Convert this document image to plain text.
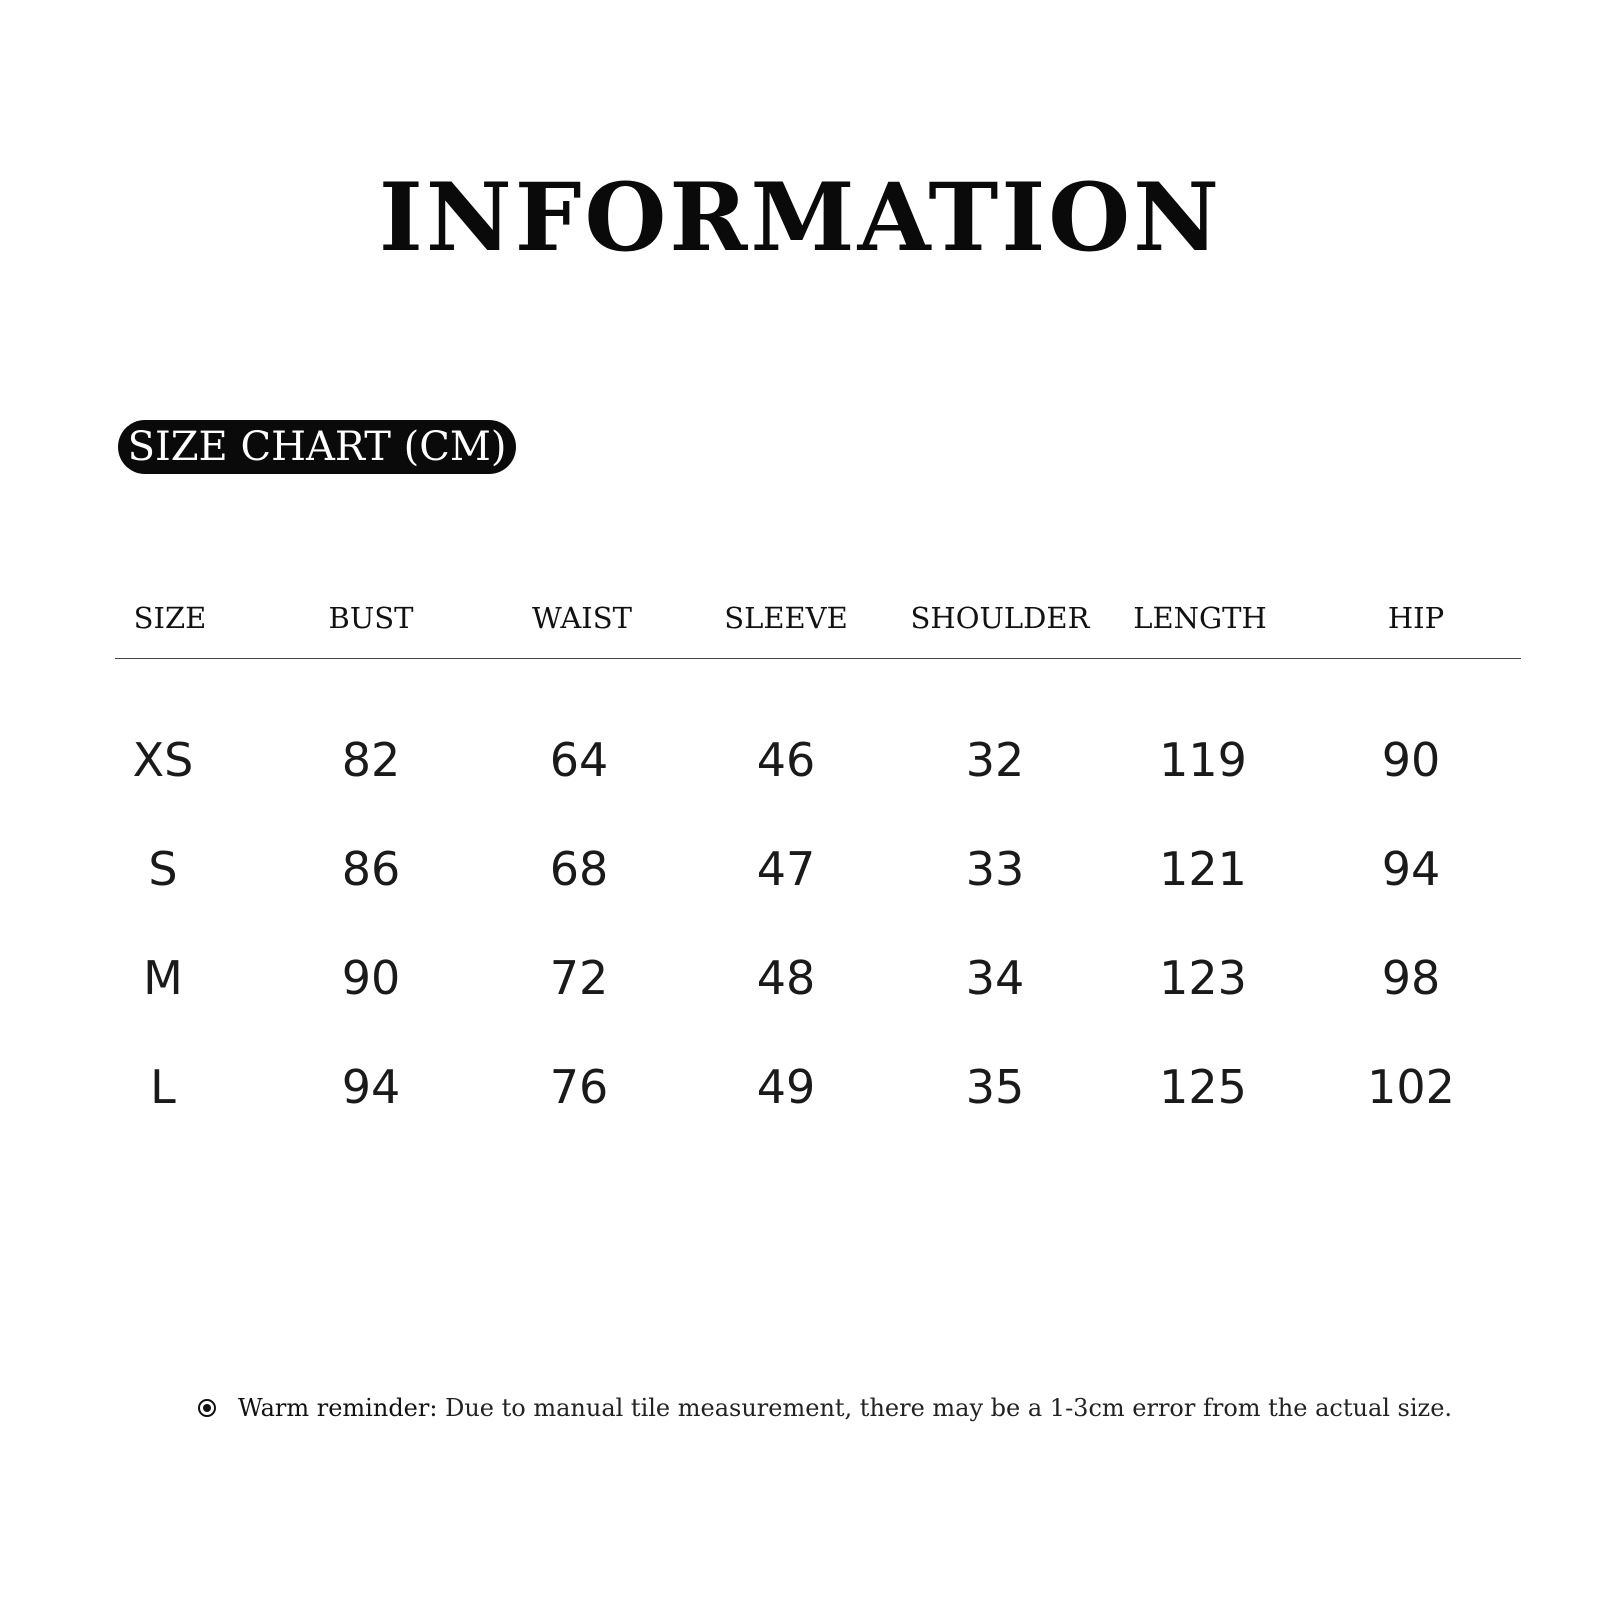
INFORMATION
SIZE CHART (CM)
SIZE	BUST	WAIST	SLEEVE	SHOULDER	LENGTH	HIP
XS	82	64	46	32	119	90
S	86	68	47	33	121	94
M	90	72	48	34	123	98
L	94	76	49	35	125	102
Warm reminder: Due to manual tile measurement, there may be a 1-3cm error from the actual size.
